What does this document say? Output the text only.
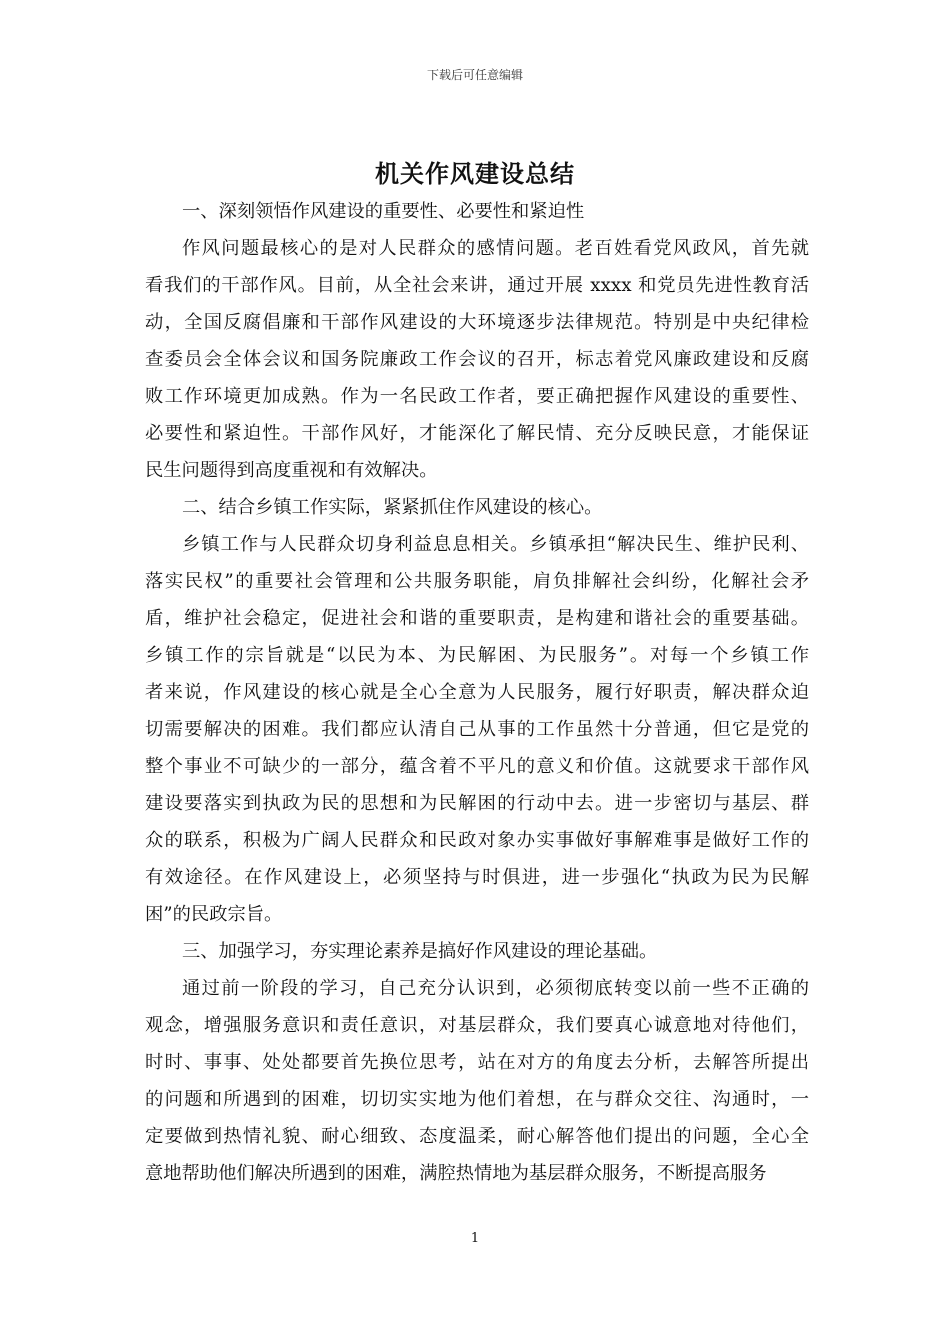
下载后可任意编辑
机关作风建设总结
一、深刻领悟作风建设的重要性、必要性和紧迫性
作风问题最核心的是对人民群众的感情问题。老百姓看党风政风，首先就
看我们的干部作风。目前，从全社会来讲，通过开展 xxxx 和党员先进性教育活
动，全国反腐倡廉和干部作风建设的大环境逐步法律规范。特别是中央纪律检
查委员会全体会议和国务院廉政工作会议的召开，标志着党风廉政建设和反腐
败工作环境更加成熟。作为一名民政工作者，要正确把握作风建设的重要性、
必要性和紧迫性。干部作风好，才能深化了解民情、充分反映民意，才能保证
民生问题得到高度重视和有效解决。
二、结合乡镇工作实际，紧紧抓住作风建设的核心。
乡镇工作与人民群众切身利益息息相关。乡镇承担“解决民生、维护民利、
落实民权”的重要社会管理和公共服务职能，肩负排解社会纠纷，化解社会矛
盾，维护社会稳定，促进社会和谐的重要职责，是构建和谐社会的重要基础。
乡镇工作的宗旨就是“以民为本、为民解困、为民服务”。对每一个乡镇工作
者来说，作风建设的核心就是全心全意为人民服务，履行好职责，解决群众迫
切需要解决的困难。我们都应认清自己从事的工作虽然十分普通，但它是党的
整个事业不可缺少的一部分，蕴含着不平凡的意义和价值。这就要求干部作风
建设要落实到执政为民的思想和为民解困的行动中去。进一步密切与基层、群
众的联系，积极为广阔人民群众和民政对象办实事做好事解难事是做好工作的
有效途径。在作风建设上，必须坚持与时俱进，进一步强化“执政为民为民解
困”的民政宗旨。
三、加强学习，夯实理论素养是搞好作风建设的理论基础。
通过前一阶段的学习，自己充分认识到，必须彻底转变以前一些不正确的
观念，增强服务意识和责任意识，对基层群众，我们要真心诚意地对待他们，
时时、事事、处处都要首先换位思考，站在对方的角度去分析，去解答所提出
的问题和所遇到的困难，切切实实地为他们着想，在与群众交往、沟通时，一
定要做到热情礼貌、耐心细致、态度温柔，耐心解答他们提出的问题，全心全
意地帮助他们解决所遇到的困难，满腔热情地为基层群众服务，不断提高服务
1
